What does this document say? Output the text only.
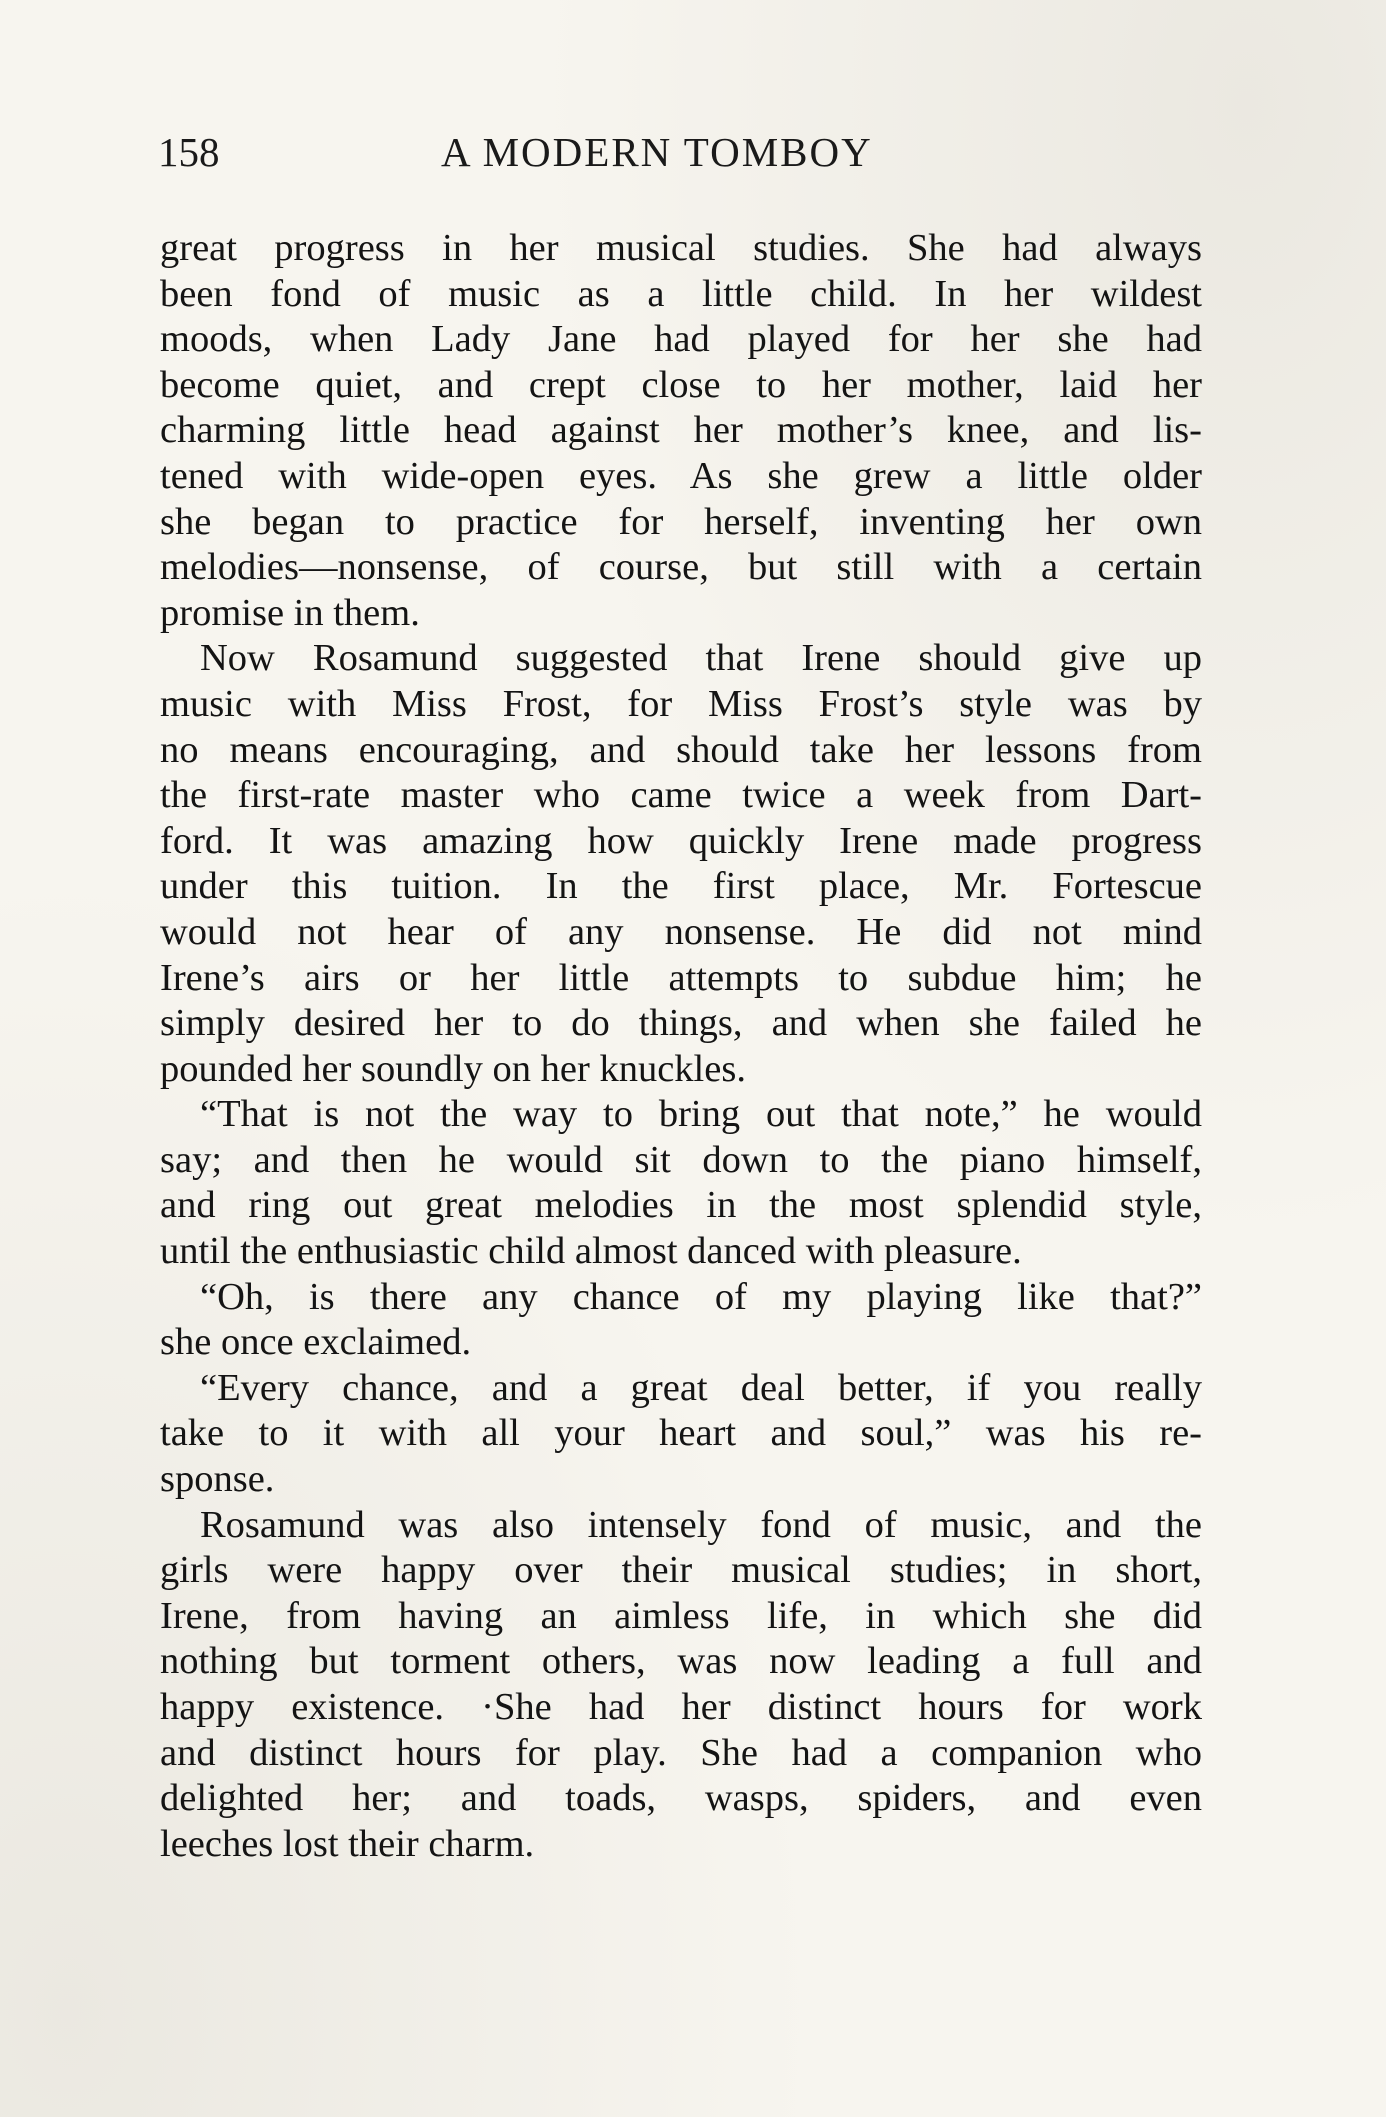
158	A MODERN TOMBOY
great progress in her musical studies. She had always
been fond of music as a little child. In her wildest
moods, when Lady Jane had played for her she had
become quiet, and crept close to her mother, laid her
charming little head against her mother’s knee, and lis-
tened with wide-open eyes. As she grew a little older
she began to practice for herself, inventing her own
melodies—nonsense, of course, but still with a certain
promise in them.
Now Rosamund suggested that Irene should give up
music with Miss Frost, for Miss Frost’s style was by
no means encouraging, and should take her lessons from
the first-rate master who came twice a week from Dart-
ford. It was amazing how quickly Irene made progress
under this tuition. In the first place, Mr. Fortescue
would not hear of any nonsense. He did not mind
Irene’s airs or her little attempts to subdue him; he
simply desired her to do things, and when she failed he
pounded her soundly on her knuckles.
“That is not the way to bring out that note,” he would
say; and then he would sit down to the piano himself,
and ring out great melodies in the most splendid style,
until the enthusiastic child almost danced with pleasure.
“Oh, is there any chance of my playing like that?”
she once exclaimed.
“Every chance, and a great deal better, if you really
take to it with all your heart and soul,” was his re-
sponse.
Rosamund was also intensely fond of music, and the
girls were happy over their musical studies; in short,
Irene, from having an aimless life, in which she did
nothing but torment others, was now leading a full and
happy existence. ·She had her distinct hours for work
and distinct hours for play. She had a companion who
delighted her; and toads, wasps, spiders, and even
leeches lost their charm.
